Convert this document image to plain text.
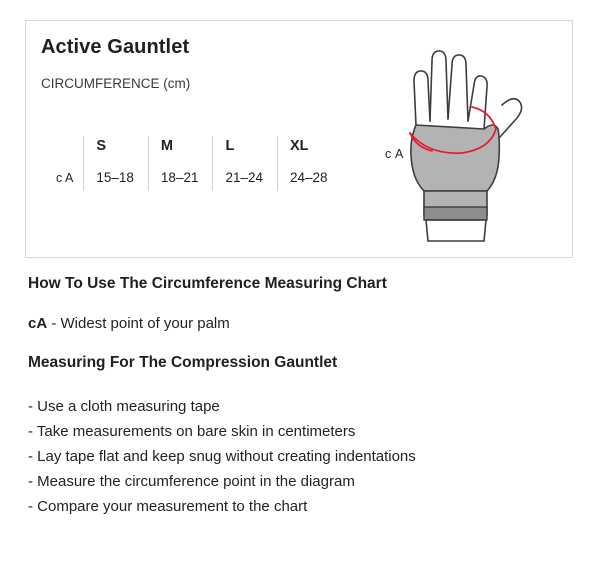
Active Gauntlet
CIRCUMFERENCE (cm)
	S	M	L	XL
c A	15–18	18–21	21–24	24–28
c A

How To Use The Circumference Measuring Chart

cA - Widest point of your palm

Measuring For The Compression Gauntlet

- Use a cloth measuring tape
- Take measurements on bare skin in centimeters
- Lay tape flat and keep snug without creating indentations
- Measure the circumference point in the diagram
- Compare your measurement to the chart
